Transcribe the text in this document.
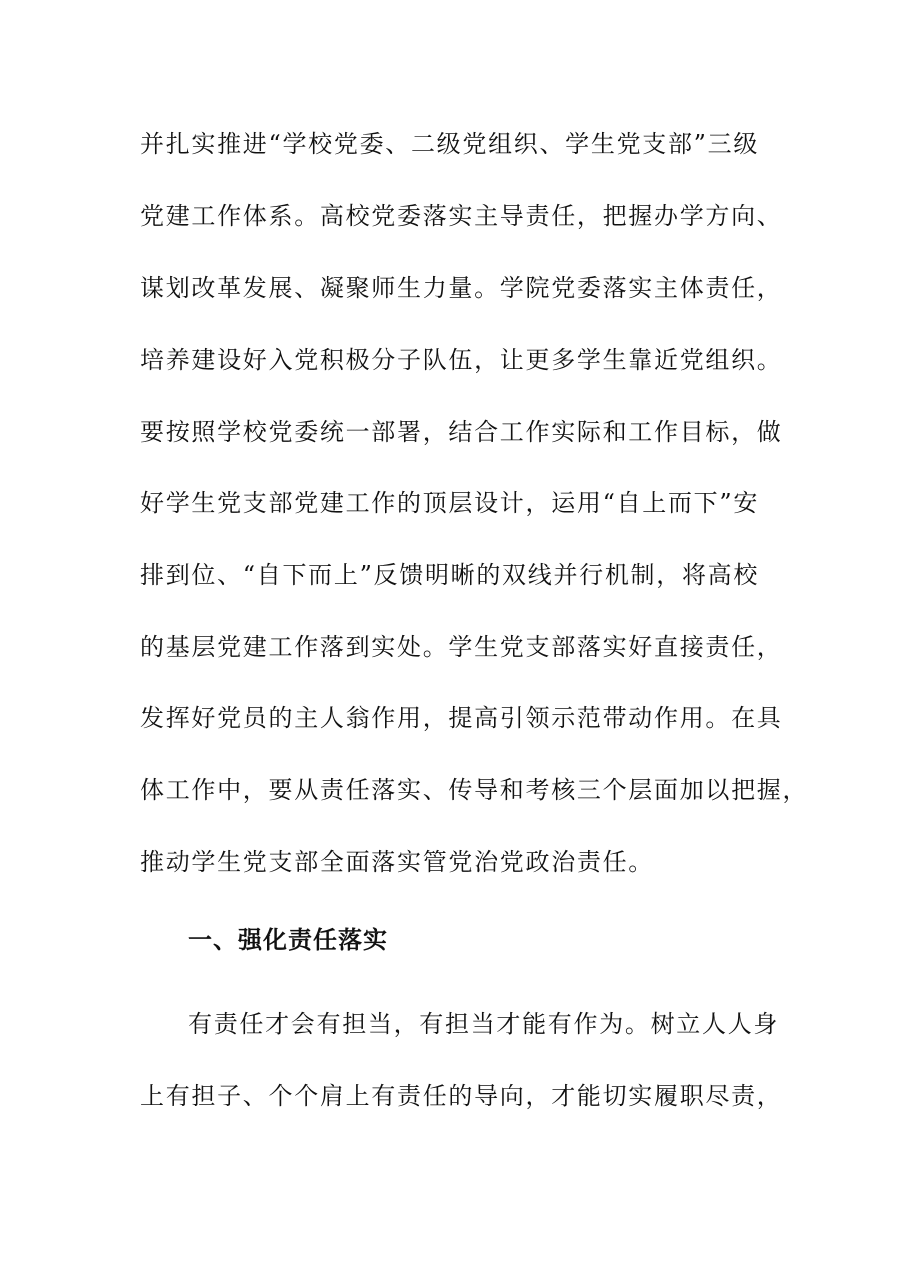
并扎实推进“学校党委、二级党组织、学生党支部”三级
党建工作体系。高校党委落实主导责任，把握办学方向、
谋划改革发展、凝聚师生力量。学院党委落实主体责任，
培养建设好入党积极分子队伍，让更多学生靠近党组织。
要按照学校党委统一部署，结合工作实际和工作目标，做
好学生党支部党建工作的顶层设计，运用“自上而下”安
排到位、“自下而上”反馈明晰的双线并行机制，将高校
的基层党建工作落到实处。学生党支部落实好直接责任，
发挥好党员的主人翁作用，提高引领示范带动作用。在具
体工作中，要从责任落实、传导和考核三个层面加以把握，
推动学生党支部全面落实管党治党政治责任。
一、强化责任落实
有责任才会有担当，有担当才能有作为。树立人人身
上有担子、个个肩上有责任的导向，才能切实履职尽责，
